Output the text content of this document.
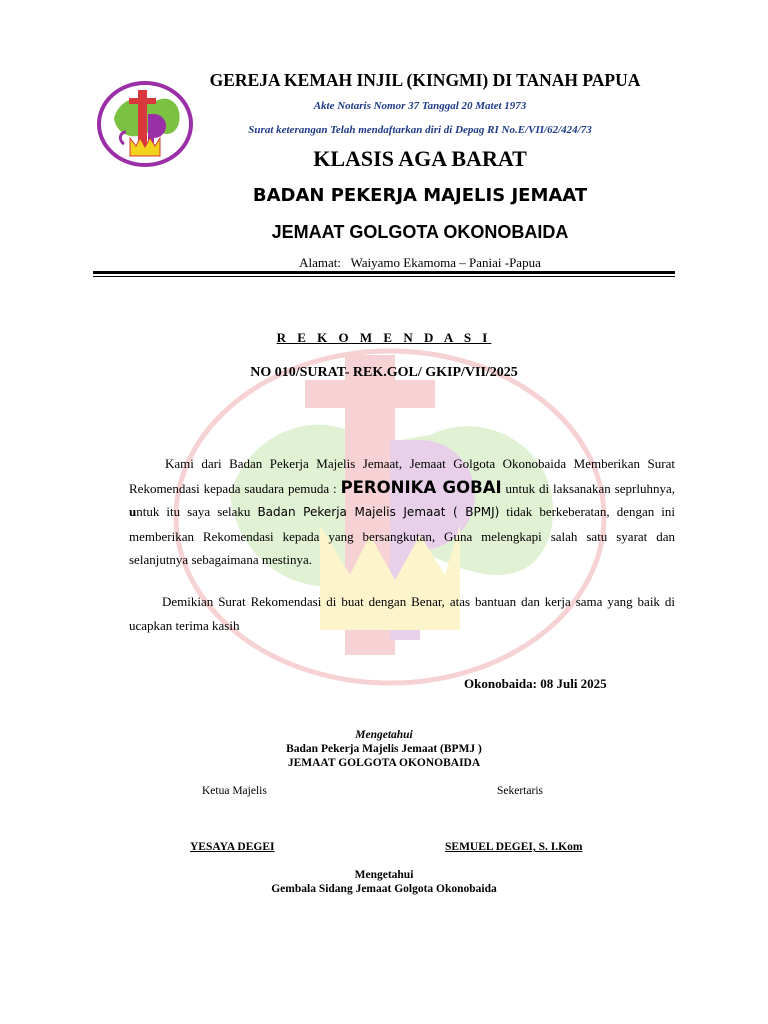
GEREJA KEMAH INJIL (KINGMI) DI TANAH PAPUA
Akte Notaris Nomor 37 Tanggal 20 Matet 1973
Surat keterangan Telah mendaftarkan diri di Depag RI No.E/VII/62/424/73
KLASIS AGA BARAT
BADAN PEKERJA MAJELIS JEMAAT
JEMAAT GOLGOTA OKONOBAIDA
Alamat: Waiyamo Ekamoma – Paniai -Papua
R E K O M E N D A S I
NO 010/SURAT- REK.GOL/ GKIP/VII/2025
Kami dari Badan Pekerja Majelis Jemaat, Jemaat Golgota Okonobaida Memberikan Surat Rekomendasi kepada saudara pemuda : PERONIKA GOBAI untuk di laksanakan seprluhnya, untuk itu saya selaku Badan Pekerja Majelis Jemaat ( BPMJ) tidak berkeberatan, dengan ini memberikan Rekomendasi kepada yang bersangkutan, Guna melengkapi salah satu syarat dan selanjutnya sebagaimana mestinya.
Demikian Surat Rekomendasi di buat dengan Benar, atas bantuan dan kerja sama yang baik di ucapkan terima kasih
Okonobaida: 08 Juli 2025
Mengetahui
Badan Pekerja Majelis Jemaat (BPMJ )
JEMAAT GOLGOTA OKONOBAIDA
Ketua Majelis	Sekertaris
YESAYA DEGEI	SEMUEL DEGEI, S. I.Kom
Mengetahui
Gembala Sidang Jemaat Golgota Okonobaida
